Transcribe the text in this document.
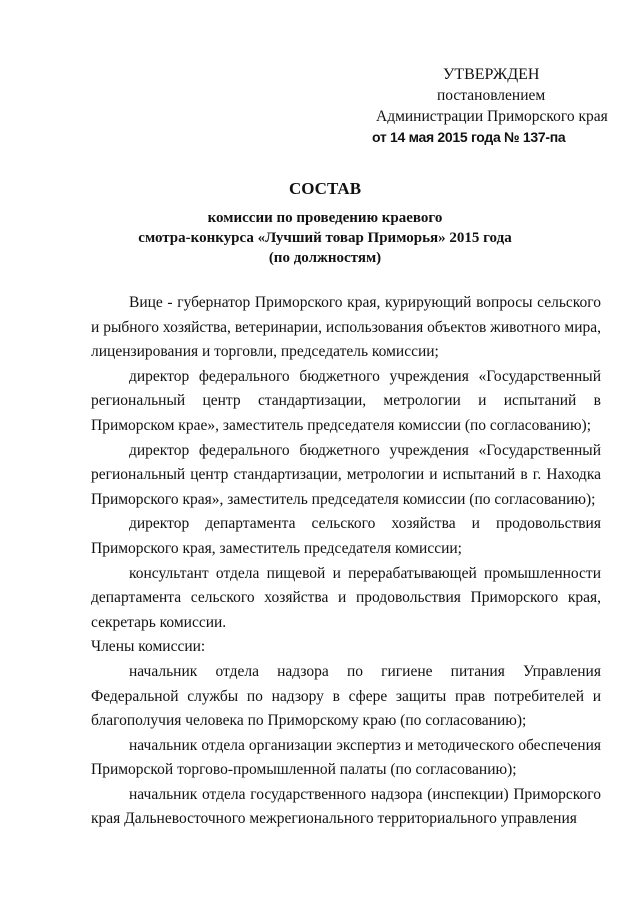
УТВЕРЖДЕН
постановлением
Администрации Приморского края
от 14 мая 2015 года № 137-па
СОСТАВ
комиссии по проведению краевого
смотра-конкурса «Лучший товар Приморья» 2015 года
(по должностям)

Вице - губернатор Приморского края, курирующий вопросы сельского и рыбного хозяйства, ветеринарии, использования объектов животного мира, лицензирования и торговли, председатель комиссии;

директор федерального бюджетного учреждения «Государственный региональный центр стандартизации, метрологии и испытаний в Приморском крае», заместитель председателя комиссии (по согласованию);

директор федерального бюджетного учреждения «Государственный региональный центр стандартизации, метрологии и испытаний в г. Находка Приморского края», заместитель председателя комиссии (по согласованию);

директор департамента сельского хозяйства и продовольствия Приморского края, заместитель председателя комиссии;

консультант отдела пищевой и перерабатывающей промышленности департамента сельского хозяйства и продовольствия Приморского края, секретарь комиссии.

Члены комиссии:

начальник отдела надзора по гигиене питания Управления Федеральной службы по надзору в сфере защиты прав потребителей и благополучия человека по Приморскому краю (по согласованию);

начальник отдела организации экспертиз и методического обеспечения Приморской торгово-промышленной палаты (по согласованию);

начальник отдела государственного надзора (инспекции) Приморского края Дальневосточного межрегионального территориального управления
